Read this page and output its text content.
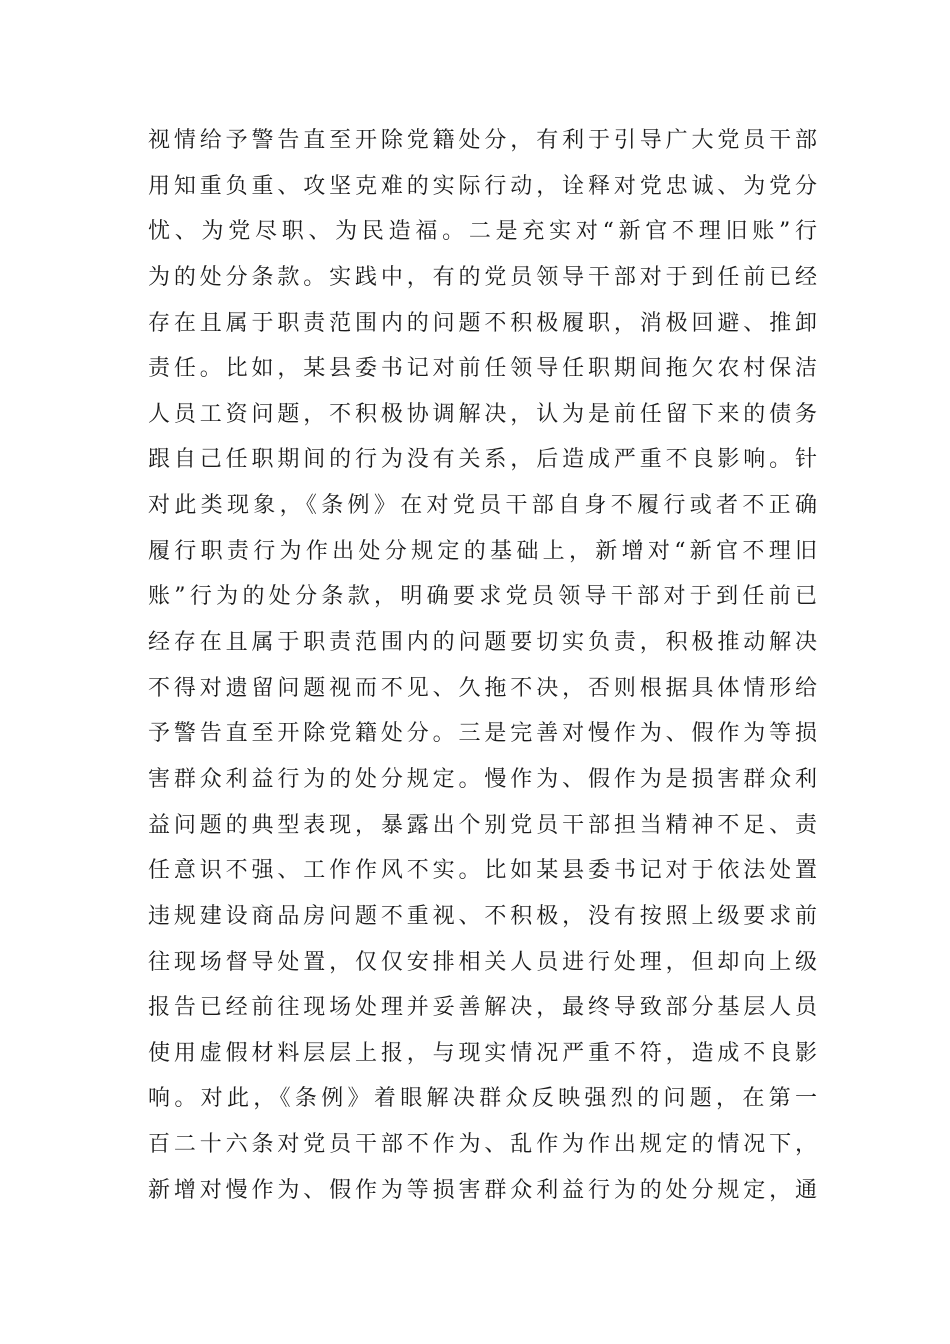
视情给予警告直至开除党籍处分，有利于引导广大党员干部
用知重负重、攻坚克难的实际行动，诠释对党忠诚、为党分
忧、为党尽职、为民造福。二是充实对“新官不理旧账”行
为的处分条款。实践中，有的党员领导干部对于到任前已经
存在且属于职责范围内的问题不积极履职，消极回避、推卸
责任。比如，某县委书记对前任领导任职期间拖欠农村保洁
人员工资问题，不积极协调解决，认为是前任留下来的债务
跟自己任职期间的行为没有关系，后造成严重不良影响。针
对此类现象，《条例》在对党员干部自身不履行或者不正确
履行职责行为作出处分规定的基础上，新增对“新官不理旧
账”行为的处分条款，明确要求党员领导干部对于到任前已
经存在且属于职责范围内的问题要切实负责，积极推动解决
不得对遗留问题视而不见、久拖不决，否则根据具体情形给
予警告直至开除党籍处分。三是完善对慢作为、假作为等损
害群众利益行为的处分规定。慢作为、假作为是损害群众利
益问题的典型表现，暴露出个别党员干部担当精神不足、责
任意识不强、工作作风不实。比如某县委书记对于依法处置
违规建设商品房问题不重视、不积极，没有按照上级要求前
往现场督导处置，仅仅安排相关人员进行处理，但却向上级
报告已经前往现场处理并妥善解决，最终导致部分基层人员
使用虚假材料层层上报，与现实情况严重不符，造成不良影
响。对此，《条例》着眼解决群众反映强烈的问题，在第一
百二十六条对党员干部不作为、乱作为作出规定的情况下，
新增对慢作为、假作为等损害群众利益行为的处分规定，通
